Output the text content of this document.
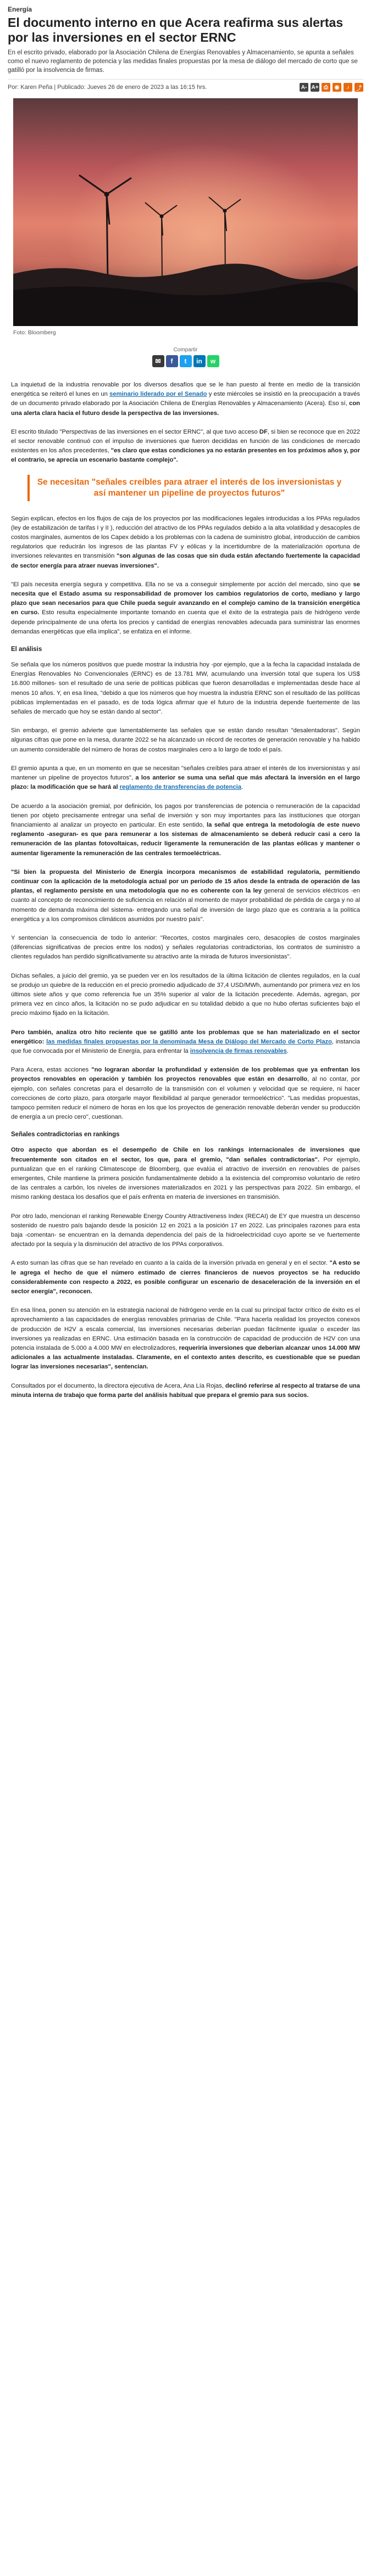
Energía
El documento interno en que Acera reafirma sus alertas por las inversiones en el sector ERNC

En el escrito privado, elaborado por la Asociación Chilena de Energías Renovables y Almacenamiento, se apunta a señales como el nuevo reglamento de potencia y las medidas finales propuestas por la mesa de diálogo del mercado de corto que se gatilló por la insolvencia de firmas.

Por: Karen Peña | Publicado: Jueves 26 de enero de 2023 a las 16:15 hrs.	A- A+ ⎙	◉	♪	⤴
Foto: Bloomberg
Compartir
✉	f	t	in	w

La inquietud de la industria renovable por los diversos desafíos que se le han puesto al frente en medio de la transición energética se reiteró el lunes en un seminario liderado por el Senado y este miércoles se insistió en la preocupación a través de un documento privado elaborado por la Asociación Chilena de Energías Renovables y Almacenamiento (Acera). Eso sí, con una alerta clara hacia el futuro desde la perspectiva de las inversiones.

El escrito titulado "Perspectivas de las inversiones en el sector ERNC", al que tuvo acceso DF, si bien se reconoce que en 2022 el sector renovable continuó con el impulso de inversiones que fueron decididas en función de las condiciones de mercado existentes en los años precedentes, "es claro que estas condiciones ya no estarán presentes en los próximos años y, por el contrario, se aprecia un escenario bastante complejo".

Se necesitan "señales creíbles para atraer el interés de los inversionistas y así mantener un pipeline de proyectos futuros"

Según explican, efectos en los flujos de caja de los proyectos por las modificaciones legales introducidas a los PPAs regulados (ley de estabilización de tarifas I y II ), reducción del atractivo de los PPAs regulados debido a la alta volatilidad y desacoples de costos marginales, aumentos de los Capex debido a los problemas con la cadena de suministro global, introducción de cambios regulatorios que reducirán los ingresos de las plantas FV y eólicas y la incertidumbre de la materialización oportuna de inversiones relevantes en transmisión "son algunas de las cosas que sin duda están afectando fuertemente la capacidad de sector energía para atraer nuevas inversiones".

"El país necesita energía segura y competitiva. Ella no se va a conseguir simplemente por acción del mercado, sino que se necesita que el Estado asuma su responsabilidad de promover los cambios regulatorios de corto, mediano y largo plazo que sean necesarios para que Chile pueda seguir avanzando en el complejo camino de la transición energética en curso. Esto resulta especialmente importante tomando en cuenta que el éxito de la estrategia país de hidrógeno verde depende principalmente de una oferta los precios y cantidad de energías renovables adecuada para suministrar las enormes demandas energéticas que ella implica", se enfatiza en el informe.

El análisis

Se señala que los números positivos que puede mostrar la industria hoy -por ejemplo, que a la fecha la capacidad instalada de Energías Renovables No Convencionales (ERNC) es de 13.781 MW, acumulando una inversión total que supera los US$ 16.800 millones- son el resultado de una serie de políticas públicas que fueron desarrolladas e implementadas desde hace al menos 10 años. Y, en esa línea, "debido a que los números que hoy muestra la industria ERNC son el resultado de las políticas públicas implementadas en el pasado, es de toda lógica afirmar que el futuro de la industria depende fuertemente de las señales de mercado que hoy se están dando al sector".

Sin embargo, el gremio advierte que lamentablemente las señales que se están dando resultan "desalentadoras". Según algunas cifras que pone en la mesa, durante 2022 se ha alcanzado un récord de recortes de generación renovable y ha habido un aumento considerable del número de horas de costos marginales cero a lo largo de todo el país.

El gremio apunta a que, en un momento en que se necesitan "señales creíbles para atraer el interés de los inversionistas y así mantener un pipeline de proyectos futuros", a los anterior se suma una señal que más afectará la inversión en el largo plazo: la modificación que se hará al reglamento de transferencias de potencia.

De acuerdo a la asociación gremial, por definición, los pagos por transferencias de potencia o remuneración de la capacidad tienen por objeto precisamente entregar una señal de inversión y son muy importantes para las instituciones que otorgan financiamiento al analizar un proyecto en particular. En este sentido, la señal que entrega la metodología de este nuevo reglamento -aseguran- es que para remunerar a los sistemas de almacenamiento se deberá reducir casi a cero la remuneración de las plantas fotovoltaicas, reducir ligeramente la remuneración de las plantas eólicas y mantener o aumentar ligeramente la remuneración de las centrales termoeléctricas.

"Si bien la propuesta del Ministerio de Energía incorpora mecanismos de estabilidad regulatoria, permitiendo continuar con la aplicación de la metodología actual por un período de 15 años desde la entrada de operación de las plantas, el reglamento persiste en una metodología que no es coherente con la ley general de servicios eléctricos -en cuanto al concepto de reconocimiento de suficiencia en relación al momento de mayor probabilidad de pérdida de carga y no al momento de demanda máxima del sistema- entregando una señal de inversión de largo plazo que es contraria a la política energética y a los compromisos climáticos asumidos por nuestro país".

Y sentencian la consecuencia de todo lo anterior: "Recortes, costos marginales cero, desacoples de costos marginales (diferencias significativas de precios entre los nodos) y señales regulatorias contradictorias, los contratos de suministro a clientes regulados han perdido significativamente su atractivo ante la mirada de futuros inversionistas".

Dichas señales, a juicio del gremio, ya se pueden ver en los resultados de la última licitación de clientes regulados, en la cual se produjo un quiebre de la reducción en el precio promedio adjudicado de 37,4 USD/MWh, aumentando por primera vez en los últimos siete años y que como referencia fue un 35% superior al valor de la licitación precedente. Además, agregan, por primera vez en cinco años, la licitación no se pudo adjudicar en su totalidad debido a que no hubo ofertas suficientes bajo el precio máximo fijado en la licitación.

Pero también, analiza otro hito reciente que se gatilló ante los problemas que se han materializado en el sector energético: las medidas finales propuestas por la denominada Mesa de Diálogo del Mercado de Corto Plazo, instancia que fue convocada por el Ministerio de Energía, para enfrentar la insolvencia de firmas renovables.

Para Acera, estas acciones "no lograran abordar la profundidad y extensión de los problemas que ya enfrentan los proyectos renovables en operación y también los proyectos renovables que están en desarrollo, al no contar, por ejemplo, con señales concretas para el desarrollo de la transmisión con el volumen y velocidad que se requiere, ni hacer correcciones de corto plazo, para otorgarle mayor flexibilidad al parque generador termoeléctrico". "Las medidas propuestas, tampoco permiten reducir el número de horas en los que los proyectos de generación renovable deberán vender su producción de energía a un precio cero", cuestionan.

Señales contradictorias en rankings

Otro aspecto que abordan es el desempeño de Chile en los rankings internacionales de inversiones que frecuentemente son citados en el sector, los que, para el gremio, "dan señales contradictorias". Por ejemplo, puntualizan que en el ranking Climatescope de Bloomberg, que evalúa el atractivo de inversión en renovables de países emergentes, Chile mantiene la primera posición fundamentalmente debido a la existencia del compromiso voluntario de retiro de las centrales a carbón, los niveles de inversiones materializados en 2021 y las perspectivas para 2022. Sin embargo, el mismo ranking destaca los desafíos que el país enfrenta en materia de inversiones en transmisión.

Por otro lado, mencionan el ranking Renewable Energy Country Attractiveness Index (RECAI) de EY que muestra un descenso sostenido de nuestro país bajando desde la posición 12 en 2021 a la posición 17 en 2022. Las principales razones para esta baja -comentan- se encuentran en la demanda dependencia del país de la hidroelectricidad cuyo aporte se ve fuertemente afectado por la sequía y la disminución del atractivo de los PPAs corporativos.

A esto suman las cifras que se han revelado en cuanto a la caída de la inversión privada en general y en el sector. "A esto se le agrega el hecho de que el número estimado de cierres financieros de nuevos proyectos se ha reducido considerablemente con respecto a 2022, es posible configurar un escenario de desaceleración de la inversión en el sector energía", reconocen.

En esa línea, ponen su atención en la estrategia nacional de hidrógeno verde en la cual su principal factor crítico de éxito es el aprovechamiento a las capacidades de energías renovables primarias de Chile. "Para hacerla realidad los proyectos conexos de producción de H2V a escala comercial, las inversiones necesarias deberían puedan fácilmente igualar o exceder las inversiones ya realizadas en ERNC. Una estimación basada en la construcción de capacidad de producción de H2V con una potencia instalada de 5.000 a 4.000 MW en electrolizadores, requeriría inversiones que deberían alcanzar unos 14.000 MW adicionales a las actualmente instaladas. Claramente, en el contexto antes descrito, es cuestionable que se puedan lograr las inversiones necesarias", sentencian.

Consultados por el documento, la directora ejecutiva de Acera, Ana Lía Rojas, declinó referirse al respecto al tratarse de una minuta interna de trabajo que forma parte del análisis habitual que prepara el gremio para sus socios.
